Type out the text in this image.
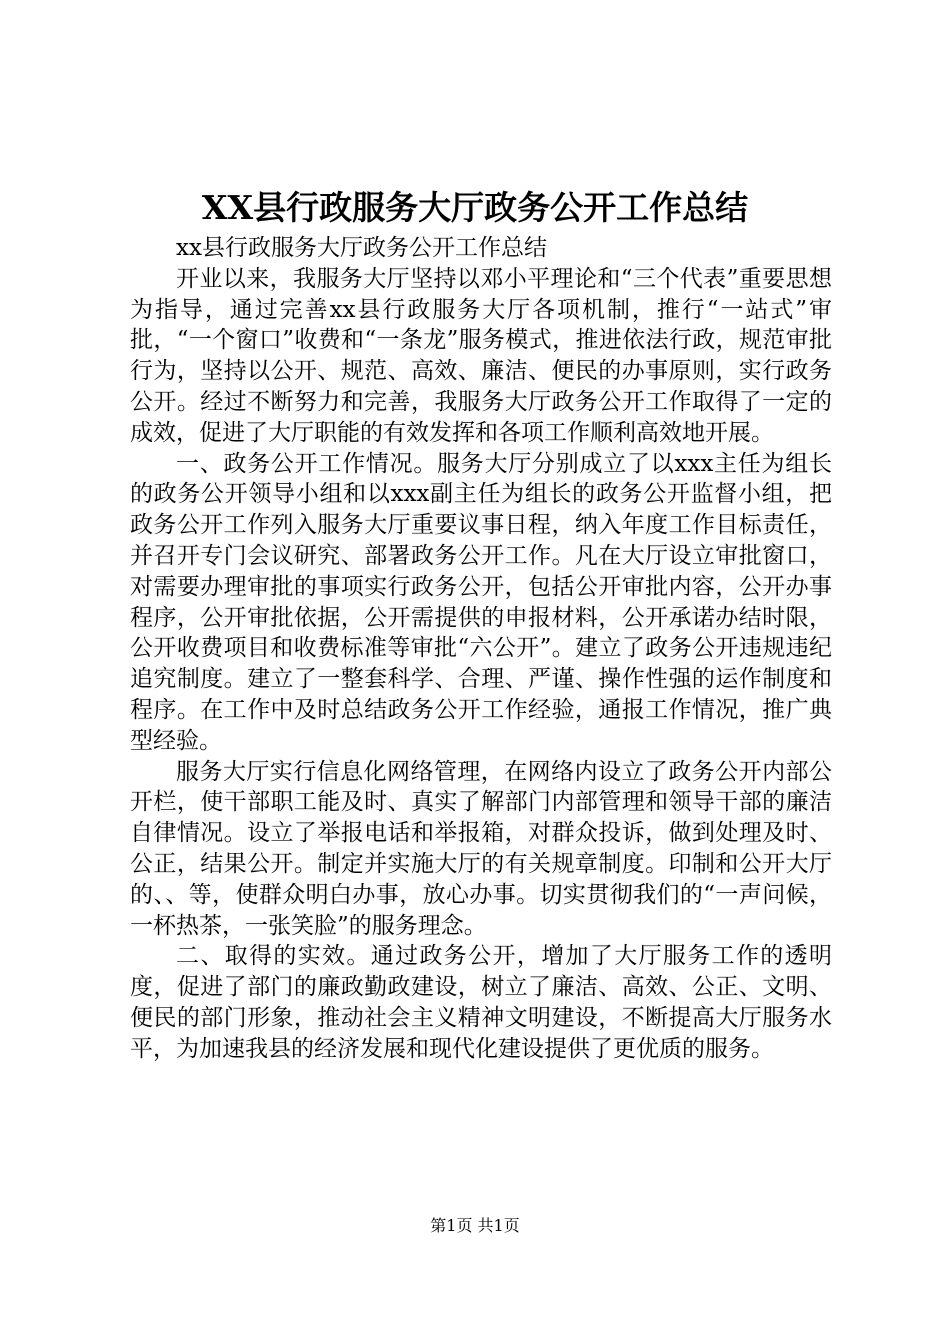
XX县行政服务大厅政务公开工作总结

xx县行政服务大厅政务公开工作总结

开业以来，我服务大厅坚持以邓小平理论和“三个代表”重要思想为指导，通过完善xx县行政服务大厅各项机制，推行“一站式”审批，“一个窗口”收费和“一条龙”服务模式，推进依法行政，规范审批行为，坚持以公开、规范、高效、廉洁、便民的办事原则，实行政务公开。经过不断努力和完善，我服务大厅政务公开工作取得了一定的成效，促进了大厅职能的有效发挥和各项工作顺利高效地开展。

一、政务公开工作情况。服务大厅分别成立了以xxx主任为组长的政务公开领导小组和以xxx副主任为组长的政务公开监督小组，把政务公开工作列入服务大厅重要议事日程，纳入年度工作目标责任，并召开专门会议研究、部署政务公开工作。凡在大厅设立审批窗口，对需要办理审批的事项实行政务公开，包括公开审批内容，公开办事程序，公开审批依据，公开需提供的申报材料，公开承诺办结时限，公开收费项目和收费标准等审批“六公开”。建立了政务公开违规违纪追究制度。建立了一整套科学、合理、严谨、操作性强的运作制度和程序。在工作中及时总结政务公开工作经验，通报工作情况，推广典型经验。

服务大厅实行信息化网络管理，在网络内设立了政务公开内部公开栏，使干部职工能及时、真实了解部门内部管理和领导干部的廉洁自律情况。设立了举报电话和举报箱，对群众投诉，做到处理及时、公正，结果公开。制定并实施大厅的有关规章制度。印制和公开大厅的、、等，使群众明白办事，放心办事。切实贯彻我们的“一声问候，一杯热茶，一张笑脸”的服务理念。

二、取得的实效。通过政务公开，增加了大厅服务工作的透明度，促进了部门的廉政勤政建设，树立了廉洁、高效、公正、文明、便民的部门形象，推动社会主义精神文明建设，不断提高大厅服务水平，为加速我县的经济发展和现代化建设提供了更优质的服务。

第1页 共1页
